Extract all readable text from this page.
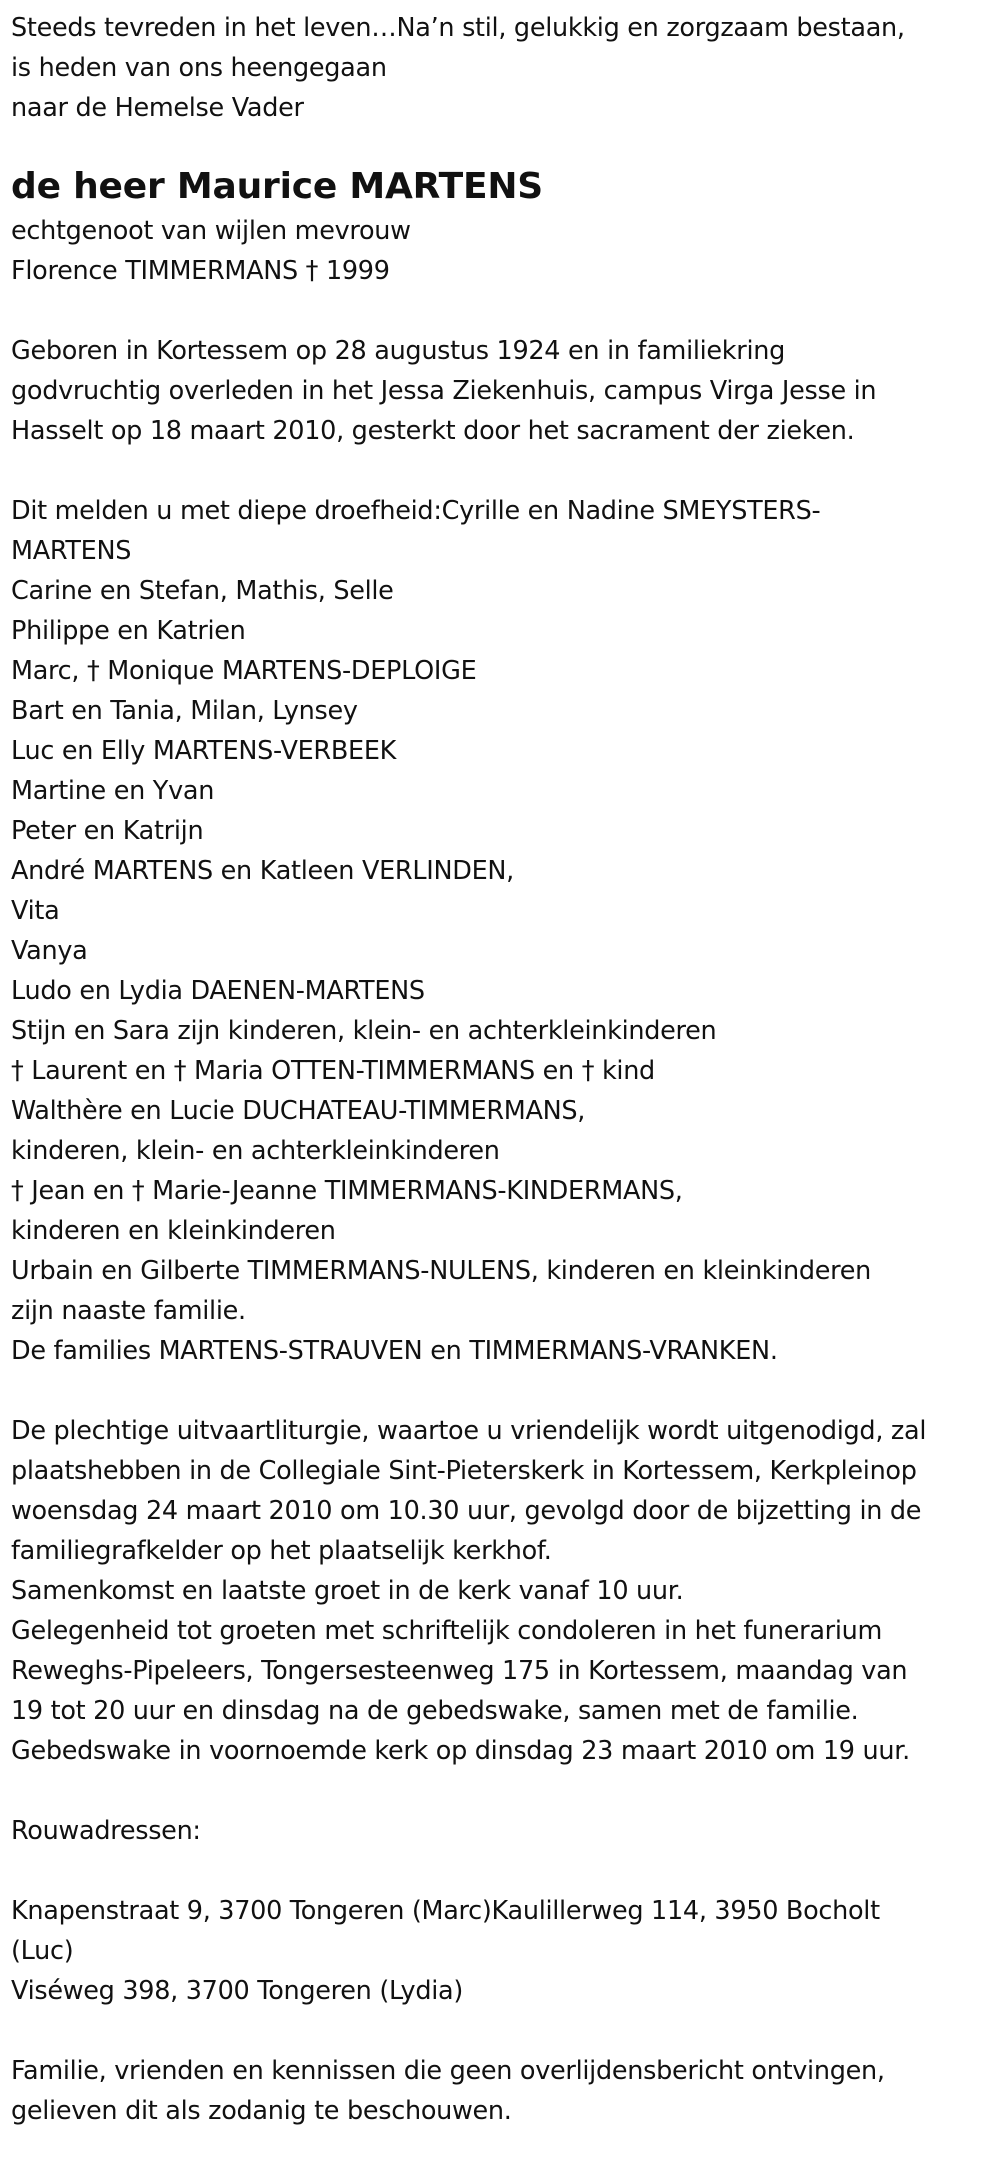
Steeds tevreden in het leven…Na’n stil, gelukkig en zorgzaam bestaan,
is heden van ons heengegaan
naar de Hemelse Vader
de heer Maurice MARTENS
echtgenoot van wijlen mevrouw
Florence TIMMERMANS † 1999
Geboren in Kortessem op 28 augustus 1924 en in familiekring
godvruchtig overleden in het Jessa Ziekenhuis, campus Virga Jesse in
Hasselt op 18 maart 2010, gesterkt door het sacrament der zieken.
Dit melden u met diepe droefheid:Cyrille en Nadine SMEYSTERS-
MARTENS
Carine en Stefan, Mathis, Selle
Philippe en Katrien
Marc, † Monique MARTENS-DEPLOIGE
Bart en Tania, Milan, Lynsey
Luc en Elly MARTENS-VERBEEK
Martine en Yvan
Peter en Katrijn
André MARTENS en Katleen VERLINDEN,
Vita
Vanya
Ludo en Lydia DAENEN-MARTENS
Stijn en Sara zijn kinderen, klein- en achterkleinkinderen
† Laurent en † Maria OTTEN-TIMMERMANS en † kind
Walthère en Lucie DUCHATEAU-TIMMERMANS,
kinderen, klein- en achterkleinkinderen
† Jean en † Marie-Jeanne TIMMERMANS-KINDERMANS,
kinderen en kleinkinderen
Urbain en Gilberte TIMMERMANS-NULENS, kinderen en kleinkinderen
zijn naaste familie.
De families MARTENS-STRAUVEN en TIMMERMANS-VRANKEN.
De plechtige uitvaartliturgie, waartoe u vriendelijk wordt uitgenodigd, zal
plaatshebben in de Collegiale Sint-Pieterskerk in Kortessem, Kerkpleinop
woensdag 24 maart 2010 om 10.30 uur, gevolgd door de bijzetting in de
familiegrafkelder op het plaatselijk kerkhof.
Samenkomst en laatste groet in de kerk vanaf 10 uur.
Gelegenheid tot groeten met schriftelijk condoleren in het funerarium
Reweghs-Pipeleers, Tongersesteenweg 175 in Kortessem, maandag van
19 tot 20 uur en dinsdag na de gebedswake, samen met de familie.
Gebedswake in voornoemde kerk op dinsdag 23 maart 2010 om 19 uur.
Rouwadressen:
Knapenstraat 9, 3700 Tongeren (Marc)Kaulillerweg 114, 3950 Bocholt
(Luc)
Viséweg 398, 3700 Tongeren (Lydia)
Familie, vrienden en kennissen die geen overlijdensbericht ontvingen,
gelieven dit als zodanig te beschouwen.
